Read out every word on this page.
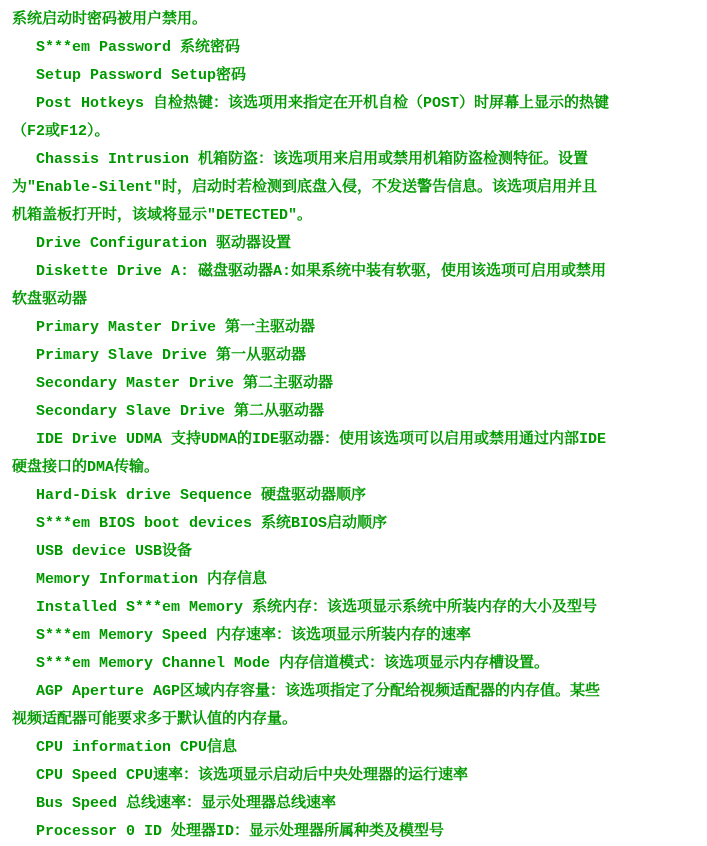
系统启动时密码被用户禁用。
S***em Password 系统密码
Setup Password Setup密码
Post Hotkeys 自检热键：该选项用来指定在开机自检（POST）时屏幕上显示的热键
（F2或F12）。
Chassis Intrusion 机箱防盗：该选项用来启用或禁用机箱防盗检测特征。设置
为"Enable-Silent"时，启动时若检测到底盘入侵，不发送警告信息。该选项启用并且
机箱盖板打开时，该域将显示"DETECTED"。
Drive Configuration 驱动器设置
Diskette Drive A: 磁盘驱动器A:如果系统中装有软驱，使用该选项可启用或禁用
软盘驱动器
Primary Master Drive 第一主驱动器
Primary Slave Drive 第一从驱动器
Secondary Master Drive 第二主驱动器
Secondary Slave Drive 第二从驱动器
IDE Drive UDMA 支持UDMA的IDE驱动器：使用该选项可以启用或禁用通过内部IDE
硬盘接口的DMA传输。
Hard-Disk drive Sequence 硬盘驱动器顺序
S***em BIOS boot devices 系统BIOS启动顺序
USB device USB设备
Memory Information 内存信息
Installed S***em Memory 系统内存：该选项显示系统中所装内存的大小及型号
S***em Memory Speed 内存速率：该选项显示所装内存的速率
S***em Memory Channel Mode 内存信道模式：该选项显示内存槽设置。
AGP Aperture AGP区域内存容量：该选项指定了分配给视频适配器的内存值。某些
视频适配器可能要求多于默认值的内存量。
CPU information CPU信息
CPU Speed CPU速率：该选项显示启动后中央处理器的运行速率
Bus Speed 总线速率：显示处理器总线速率
Processor 0 ID 处理器ID：显示处理器所属种类及模型号
